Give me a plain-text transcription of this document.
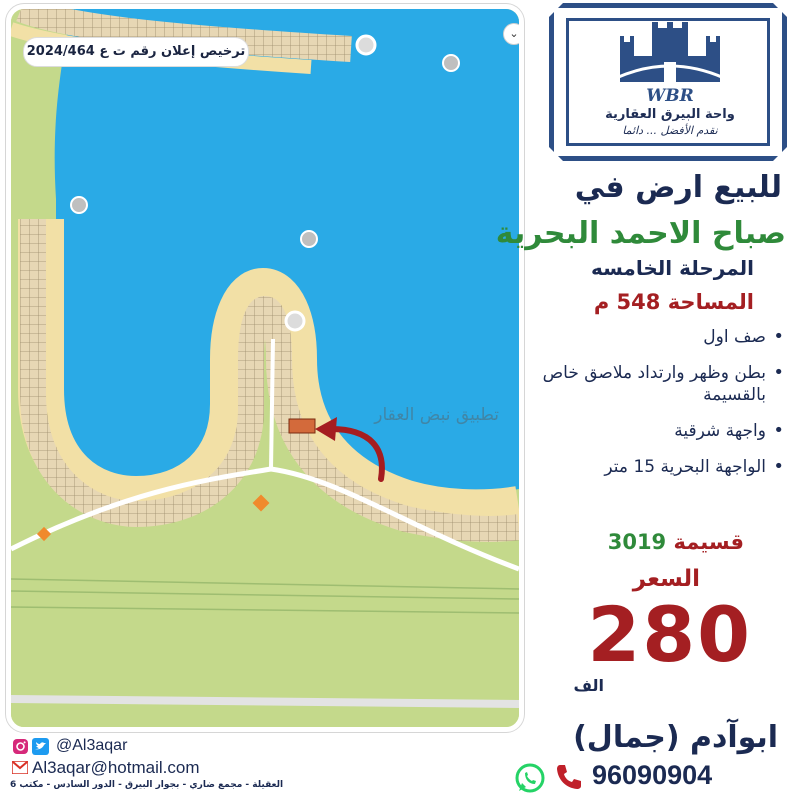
ترخيص إعلان رقم ت ع 2024/464
⌄
تطبيق نبض العقار
WBR
واحة البيرق العقارية
نقدم الأفضل ... دائما
للبيع ارض في
صباح الاحمد البحرية
المرحلة الخامسه
المساحة 548 م
• صف اول
• بطن وظهر وارتداد ملاصق خاص بالقسيمة
• واجهة شرقية
• الواجهة البحرية 15 متر
قسيمة 3019
السعر
280
الف
ابوآدم (جمال)
96090904
@Al3aqar
Al3aqar@hotmail.com
العقيلة - مجمع ضاري - بجوار البيرق - الدور السادس - مكتب 6
